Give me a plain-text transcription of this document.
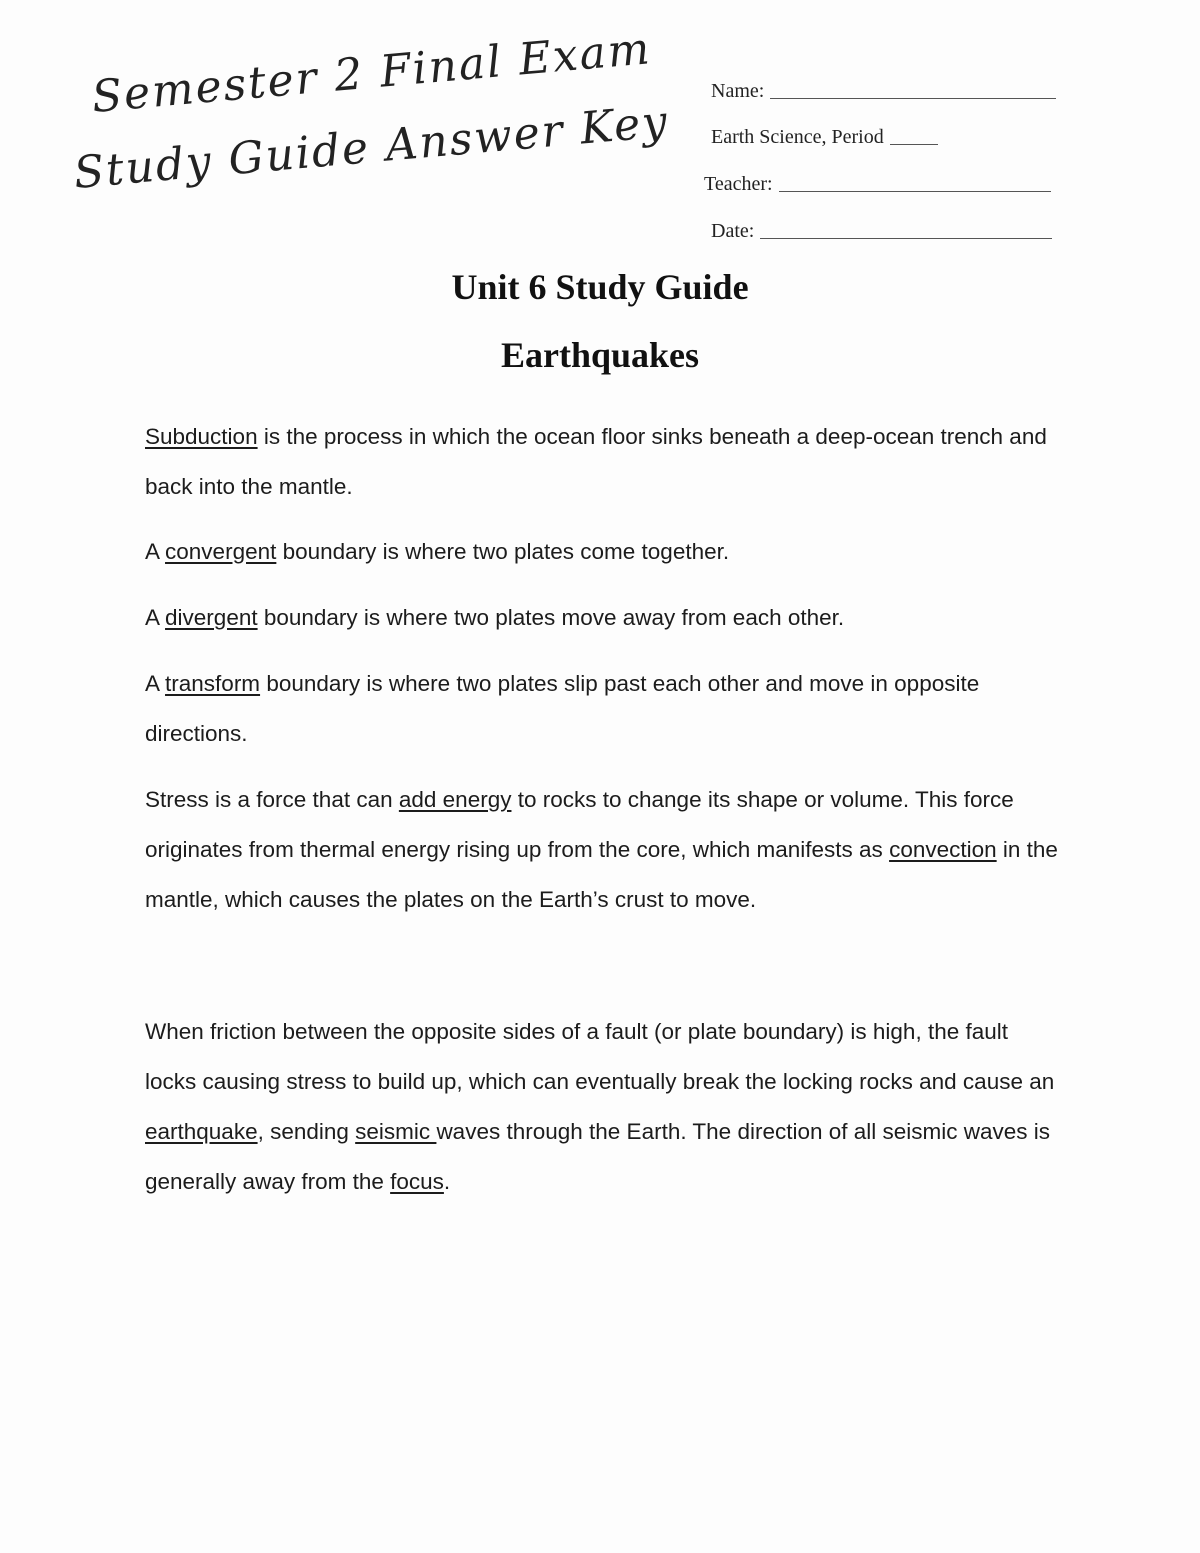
Semester 2 Final Exam
Study Guide Answer Key
Name:
Earth Science, Period
Teacher:
Date:
Unit 6 Study Guide
Earthquakes

Subduction is the process in which the ocean floor sinks beneath a deep-ocean trench and back into the mantle.

A convergent boundary is where two plates come together.

A divergent boundary is where two plates move away from each other.

A transform boundary is where two plates slip past each other and move in opposite directions.

Stress is a force that can add energy to rocks to change its shape or volume. This force originates from thermal energy rising up from the core, which manifests as convection in the mantle, which causes the plates on the Earth’s crust to move.

When friction between the opposite sides of a fault (or plate boundary) is high, the fault locks causing stress to build up, which can eventually break the locking rocks and cause an earthquake, sending seismic waves through the Earth. The direction of all seismic waves is generally away from the focus.
